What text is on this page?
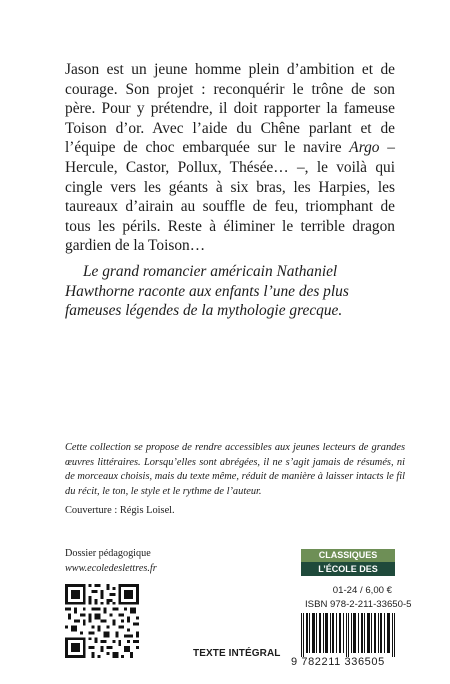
Jason est un jeune homme plein d’ambition et de courage. Son projet : reconquérir le trône de son père. Pour y prétendre, il doit rapporter la fameuse Toison d’or. Avec l’aide du Chêne parlant et de l’équipe de choc embarquée sur le navire Argo – Hercule, Castor, Pollux, Thésée… –, le voilà qui cingle vers les géants à six bras, les Harpies, les taureaux d’airain au souffle de feu, triomphant de tous les périls. Reste à éliminer le terrible dragon gardien de la Toison…

Le grand romancier américain Nathaniel Hawthorne raconte aux enfants l’une des plus fameuses légendes de la mythologie grecque.

Cette collection se propose de rendre accessibles aux jeunes lecteurs de grandes œuvres littéraires. Lorsqu’elles sont abrégées, il ne s’agit jamais de résumés, ni de morceaux choisis, mais du texte même, réduit de manière à laisser intacts le fil du récit, le ton, le style et le rythme de l’auteur.

Couverture : Régis Loisel.
Dossier pédagogique
www.ecoledeslettres.fr
TEXTE INTÉGRAL
CLASSIQUES
L’ÉCOLE DES LOISIRS
01-24 / 6,00 €
ISBN 978-2-211-33650-5
9 782211 336505
